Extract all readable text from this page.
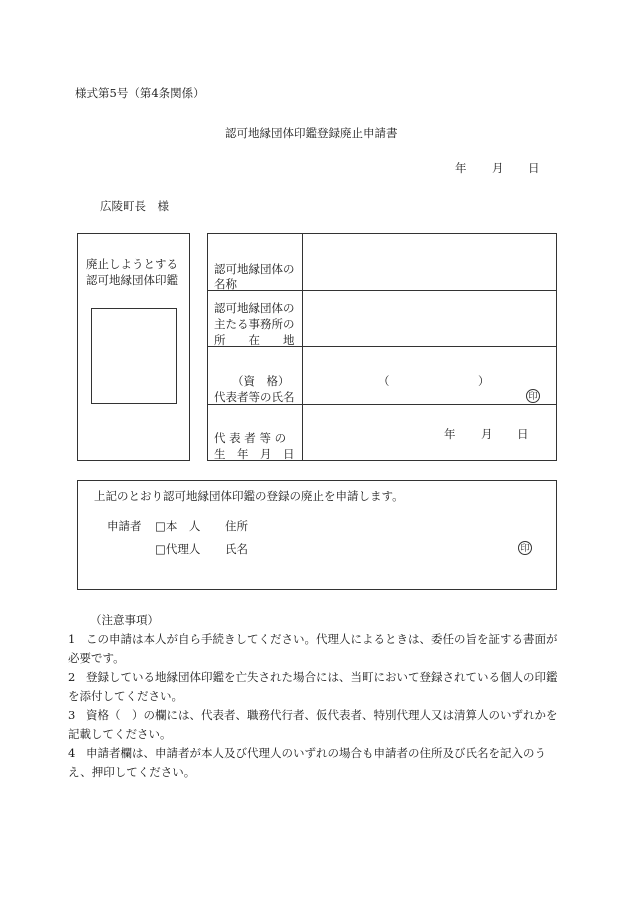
様式第5号（第4条関係）
認可地縁団体印鑑登録廃止申請書
年 月 日
広陵町長　様
廃止しようとする
認可地縁団体印鑑
認可地縁団体の
名称
認可地縁団体の
主たる事務所の
所　　在　　地
（資　格）
代表者等の氏名
（	）
印
代 表 者 等 の
生　年　月　日
年 月 日
上記のとおり認可地縁団体印鑑の登録の廃止を申請します。
申請者 □本　人
□代理人
住所
氏名	印
（注意事項）
1 この申請は本人が自ら手続きしてください。代理人によるときは、委任の旨を証する書面が必要です。
2 登録している地縁団体印鑑を亡失された場合には、当町において登録されている個人の印鑑を添付してください。
3 資格（　）の欄には、代表者、職務代行者、仮代表者、特別代理人又は清算人のいずれかを記載してください。
4 申請者欄は、申請者が本人及び代理人のいずれの場合も申請者の住所及び氏名を記入のうえ、押印してください。
